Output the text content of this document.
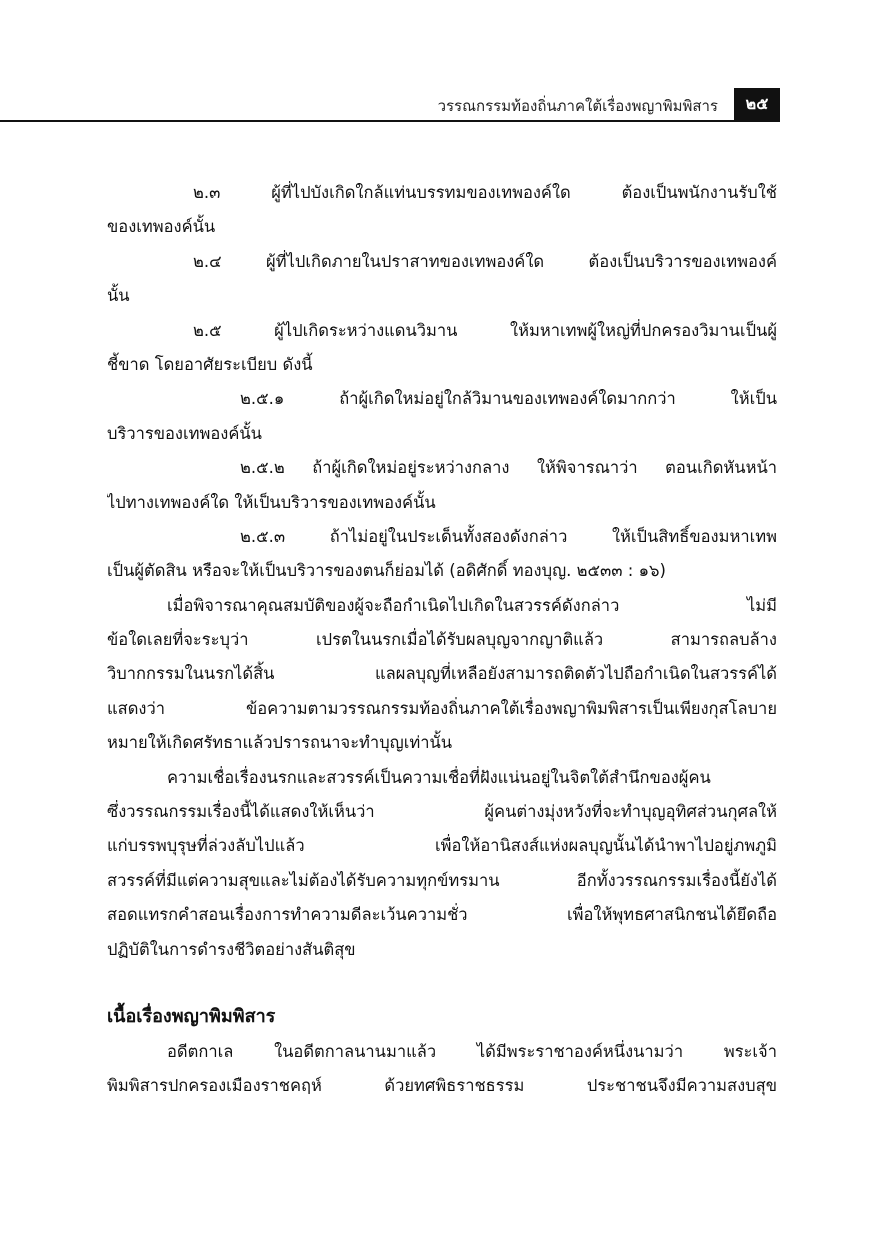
วรรณกรรมท้องถิ่นภาคใต้เรื่องพญาพิมพิสาร	๒๕
๒.๓ ผู้ที่ไปบังเกิดใกล้แท่นบรรทมของเทพองค์ใด ต้องเป็นพนักงานรับใช้
ของเทพองค์นั้น
๒.๔ ผู้ที่ไปเกิดภายในปราสาทของเทพองค์ใด ต้องเป็นบริวารของเทพองค์
นั้น
๒.๕ ผู้ไปเกิดระหว่างแดนวิมาน ให้มหาเทพผู้ใหญ่ที่ปกครองวิมานเป็นผู้
ชี้ขาด โดยอาศัยระเบียบ ดังนี้
๒.๕.๑ ถ้าผู้เกิดใหม่อยู่ใกล้วิมานของเทพองค์ใดมากกว่า ให้เป็น
บริวารของเทพองค์นั้น
๒.๕.๒ ถ้าผู้เกิดใหม่อยู่ระหว่างกลาง ให้พิจารณาว่า ตอนเกิดหันหน้า
ไปทางเทพองค์ใด ให้เป็นบริวารของเทพองค์นั้น
๒.๕.๓ ถ้าไม่อยู่ในประเด็นทั้งสองดังกล่าว ให้เป็นสิทธิ์ของมหาเทพ
เป็นผู้ตัดสิน หรือจะให้เป็นบริวารของตนก็ย่อมได้ (อดิศักดิ์ ทองบุญ. ๒๕๓๓ : ๑๖)
เมื่อพิจารณาคุณสมบัติของผู้จะถือกำเนิดไปเกิดในสวรรค์ดังกล่าว ไม่มี
ข้อใดเลยที่จะระบุว่า เปรตในนรกเมื่อได้รับผลบุญจากญาติแล้ว สามารถลบล้าง
วิบากกรรมในนรกได้สิ้น แลผลบุญที่เหลือยังสามารถติดตัวไปถือกำเนิดในสวรรค์ได้
แสดงว่า ข้อความตามวรรณกรรมท้องถิ่นภาคใต้เรื่องพญาพิมพิสารเป็นเพียงกุสโลบาย
หมายให้เกิดศรัทธาแล้วปรารถนาจะทำบุญเท่านั้น
ความเชื่อเรื่องนรกและสวรรค์เป็นความเชื่อที่ฝังแน่นอยู่ในจิตใต้สำนึกของผู้คน
ซึ่งวรรณกรรมเรื่องนี้ได้แสดงให้เห็นว่า ผู้คนต่างมุ่งหวังที่จะทำบุญอุทิศส่วนกุศลให้
แก่บรรพบุรุษที่ล่วงลับไปแล้ว เพื่อให้อานิสงส์แห่งผลบุญนั้นได้นำพาไปอยู่ภพภูมิ
สวรรค์ที่มีแต่ความสุขและไม่ต้องได้รับความทุกข์ทรมาน อีกทั้งวรรณกรรมเรื่องนี้ยังได้
สอดแทรกคำสอนเรื่องการทำความดีละเว้นความชั่ว เพื่อให้พุทธศาสนิกชนได้ยึดถือ
ปฏิบัติในการดำรงชีวิตอย่างสันติสุข
เนื้อเรื่องพญาพิมพิสาร
อดีตกาเล ในอดีตกาลนานมาแล้ว ได้มีพระราชาองค์หนึ่งนามว่า พระเจ้า
พิมพิสารปกครองเมืองราชคฤห์ ด้วยทศพิธราชธรรม ประชาชนจึงมีความสงบสุข
